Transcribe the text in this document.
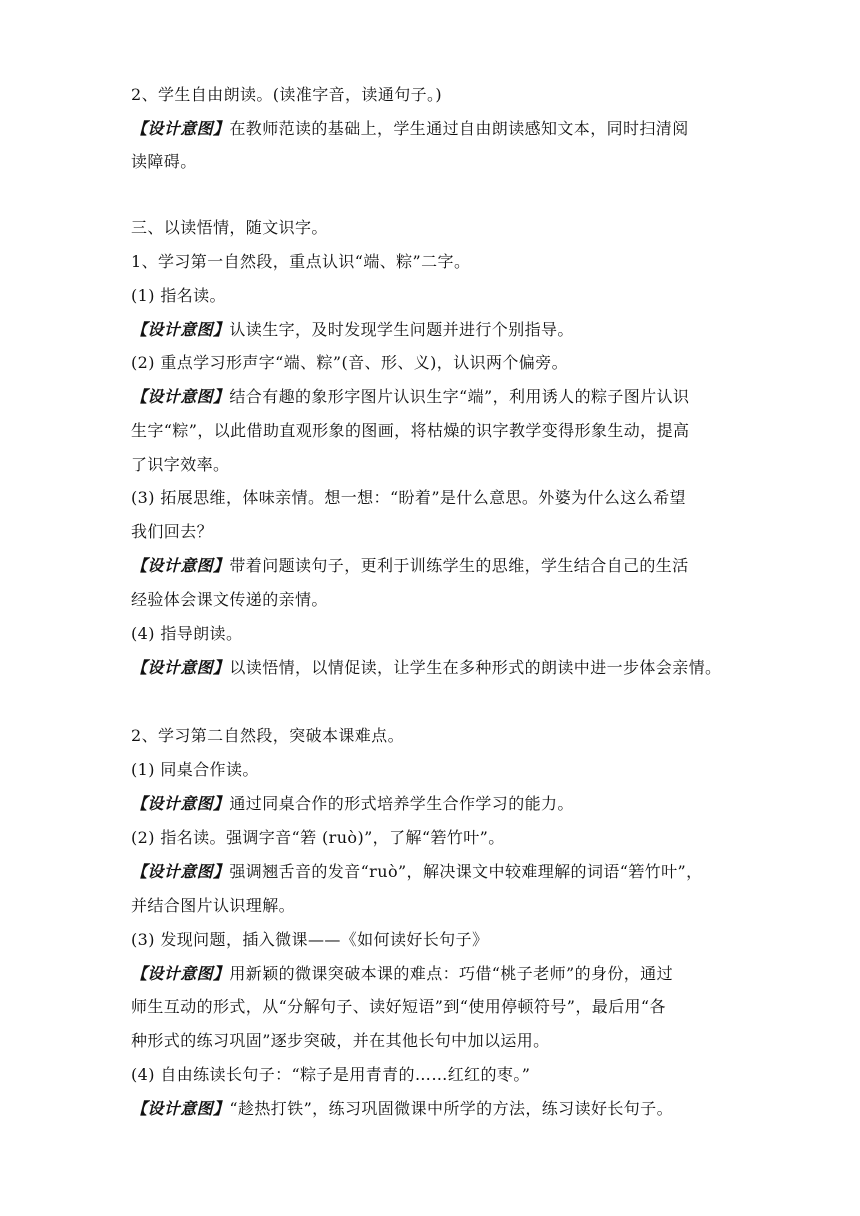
2、学生自由朗读。(读准字音，读通句子。)
【设计意图】在教师范读的基础上，学生通过自由朗读感知文本，同时扫清阅
读障碍。
三、以读悟情，随文识字。
1、学习第一自然段，重点认识“端、粽”二字。
(1) 指名读。
【设计意图】认读生字，及时发现学生问题并进行个别指导。
(2) 重点学习形声字“端、粽”(音、形、义)，认识两个偏旁。
【设计意图】结合有趣的象形字图片认识生字“端”，利用诱人的粽子图片认识
生字“粽”，以此借助直观形象的图画，将枯燥的识字教学变得形象生动，提高
了识字效率。
(3) 拓展思维，体味亲情。想一想：“盼着”是什么意思。外婆为什么这么希望
我们回去？
【设计意图】带着问题读句子，更利于训练学生的思维，学生结合自己的生活
经验体会课文传递的亲情。
(4) 指导朗读。
【设计意图】以读悟情，以情促读，让学生在多种形式的朗读中进一步体会亲情。
2、学习第二自然段，突破本课难点。
(1) 同桌合作读。
【设计意图】通过同桌合作的形式培养学生合作学习的能力。
(2) 指名读。强调字音“箬 (ruò)”，了解“箬竹叶”。
【设计意图】强调翘舌音的发音“ruò”，解决课文中较难理解的词语“箬竹叶”，
并结合图片认识理解。
(3) 发现问题，插入微课——《如何读好长句子》
【设计意图】用新颖的微课突破本课的难点：巧借“桃子老师”的身份，通过
师生互动的形式，从“分解句子、读好短语”到“使用停顿符号”，最后用“各
种形式的练习巩固”逐步突破，并在其他长句中加以运用。
(4) 自由练读长句子：“粽子是用青青的……红红的枣。”
【设计意图】“趁热打铁”，练习巩固微课中所学的方法，练习读好长句子。
